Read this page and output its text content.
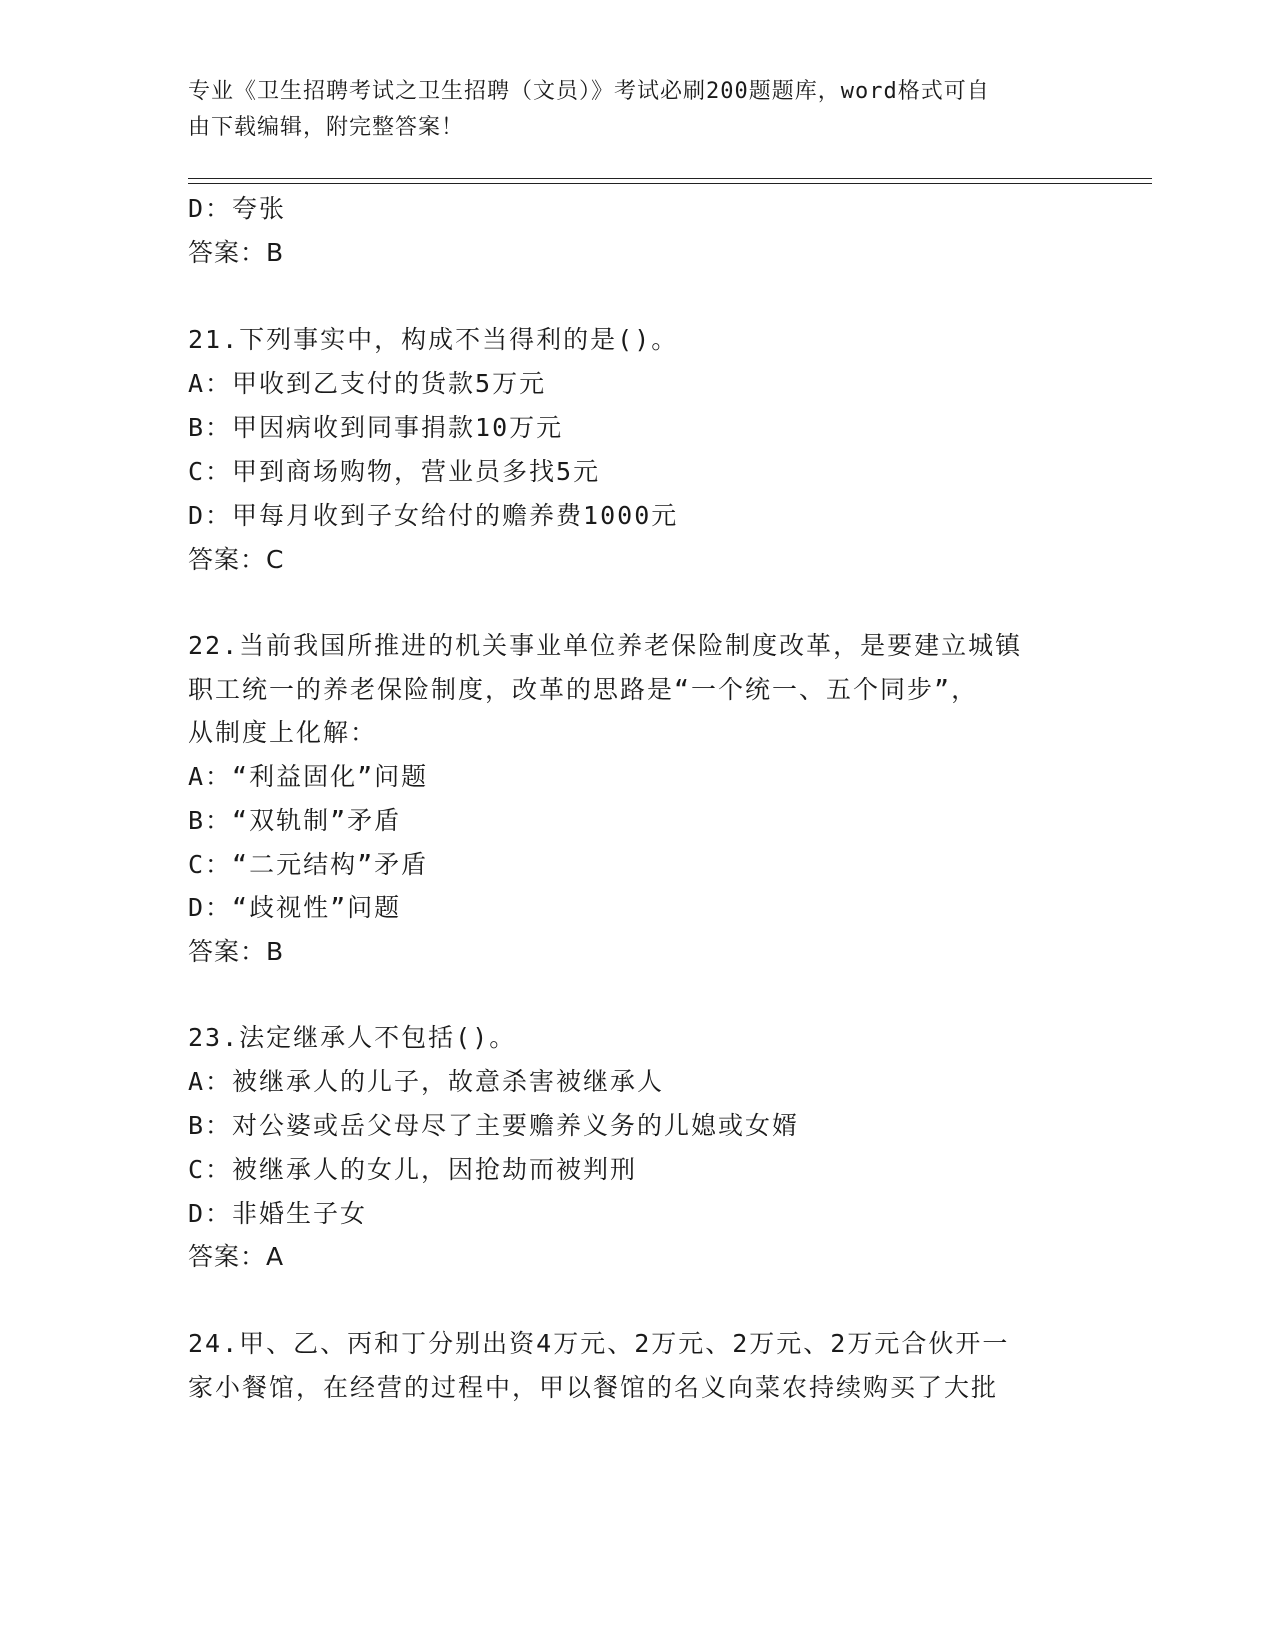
专业《卫生招聘考试之卫生招聘（文员）》考试必刷200题题库，word格式可自
由下载编辑，附完整答案！
D：夸张
答案：B
21.下列事实中，构成不当得利的是()。
A：甲收到乙支付的货款5万元
B：甲因病收到同事捐款10万元
C：甲到商场购物，营业员多找5元
D：甲每月收到子女给付的赡养费1000元
答案：C
22.当前我国所推进的机关事业单位养老保险制度改革，是要建立城镇
职工统一的养老保险制度，改革的思路是“一个统一、五个同步”，
从制度上化解：
A：“利益固化”问题
B：“双轨制”矛盾
C：“二元结构”矛盾
D：“歧视性”问题
答案：B
23.法定继承人不包括()。
A：被继承人的儿子，故意杀害被继承人
B：对公婆或岳父母尽了主要赡养义务的儿媳或女婿
C：被继承人的女儿，因抢劫而被判刑
D：非婚生子女
答案：A
24.甲、乙、丙和丁分别出资4万元、2万元、2万元、2万元合伙开一
家小餐馆，在经营的过程中，甲以餐馆的名义向菜农持续购买了大批
